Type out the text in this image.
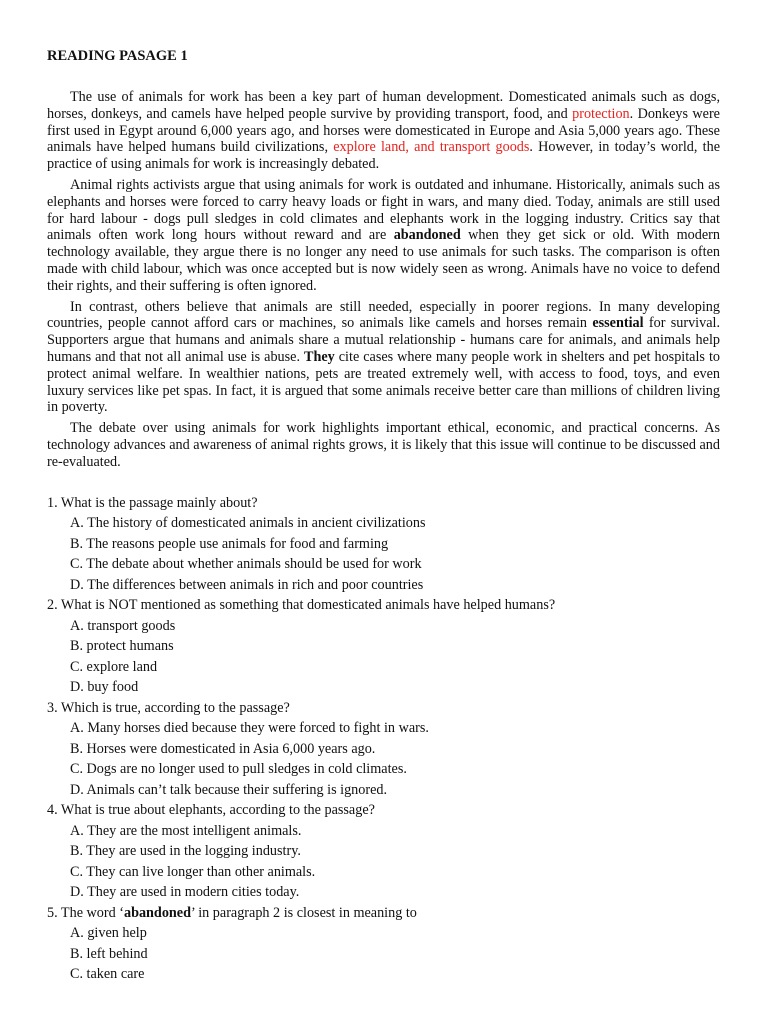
READING PASAGE 1

The use of animals for work has been a key part of human development. Domesticated animals such as dogs, horses, donkeys, and camels have helped people survive by providing transport, food, and protection. Donkeys were first used in Egypt around 6,000 years ago, and horses were domesticated in Europe and Asia 5,000 years ago. These animals have helped humans build civilizations, explore land, and transport goods. However, in today’s world, the practice of using animals for work is increasingly debated.

Animal rights activists argue that using animals for work is outdated and inhumane. Historically, animals such as elephants and horses were forced to carry heavy loads or fight in wars, and many died. Today, animals are still used for hard labour - dogs pull sledges in cold climates and elephants work in the logging industry. Critics say that animals often work long hours without reward and are abandoned when they get sick or old. With modern technology available, they argue there is no longer any need to use animals for such tasks. The comparison is often made with child labour, which was once accepted but is now widely seen as wrong. Animals have no voice to defend their rights, and their suffering is often ignored.

In contrast, others believe that animals are still needed, especially in poorer regions. In many developing countries, people cannot afford cars or machines, so animals like camels and horses remain essential for survival. Supporters argue that humans and animals share a mutual relationship - humans care for animals, and animals help humans and that not all animal use is abuse. They cite cases where many people work in shelters and pet hospitals to protect animal welfare. In wealthier nations, pets are treated extremely well, with access to food, toys, and even luxury services like pet spas. In fact, it is argued that some animals receive better care than millions of children living in poverty.

The debate over using animals for work highlights important ethical, economic, and practical concerns. As technology advances and awareness of animal rights grows, it is likely that this issue will continue to be discussed and re-evaluated.

1. What is the passage mainly about?
A. The history of domesticated animals in ancient civilizations
B. The reasons people use animals for food and farming
C. The debate about whether animals should be used for work
D. The differences between animals in rich and poor countries
2. What is NOT mentioned as something that domesticated animals have helped humans?
A. transport goods
B. protect humans
C. explore land
D. buy food
3. Which is true, according to the passage?
A. Many horses died because they were forced to fight in wars.
B. Horses were domesticated in Asia 6,000 years ago.
C. Dogs are no longer used to pull sledges in cold climates.
D. Animals can’t talk because their suffering is ignored.
4. What is true about elephants, according to the passage?
A. They are the most intelligent animals.
B. They are used in the logging industry.
C. They can live longer than other animals.
D. They are used in modern cities today.
5. The word ‘abandoned’ in paragraph 2 is closest in meaning to
A. given help
B. left behind
C. taken care
